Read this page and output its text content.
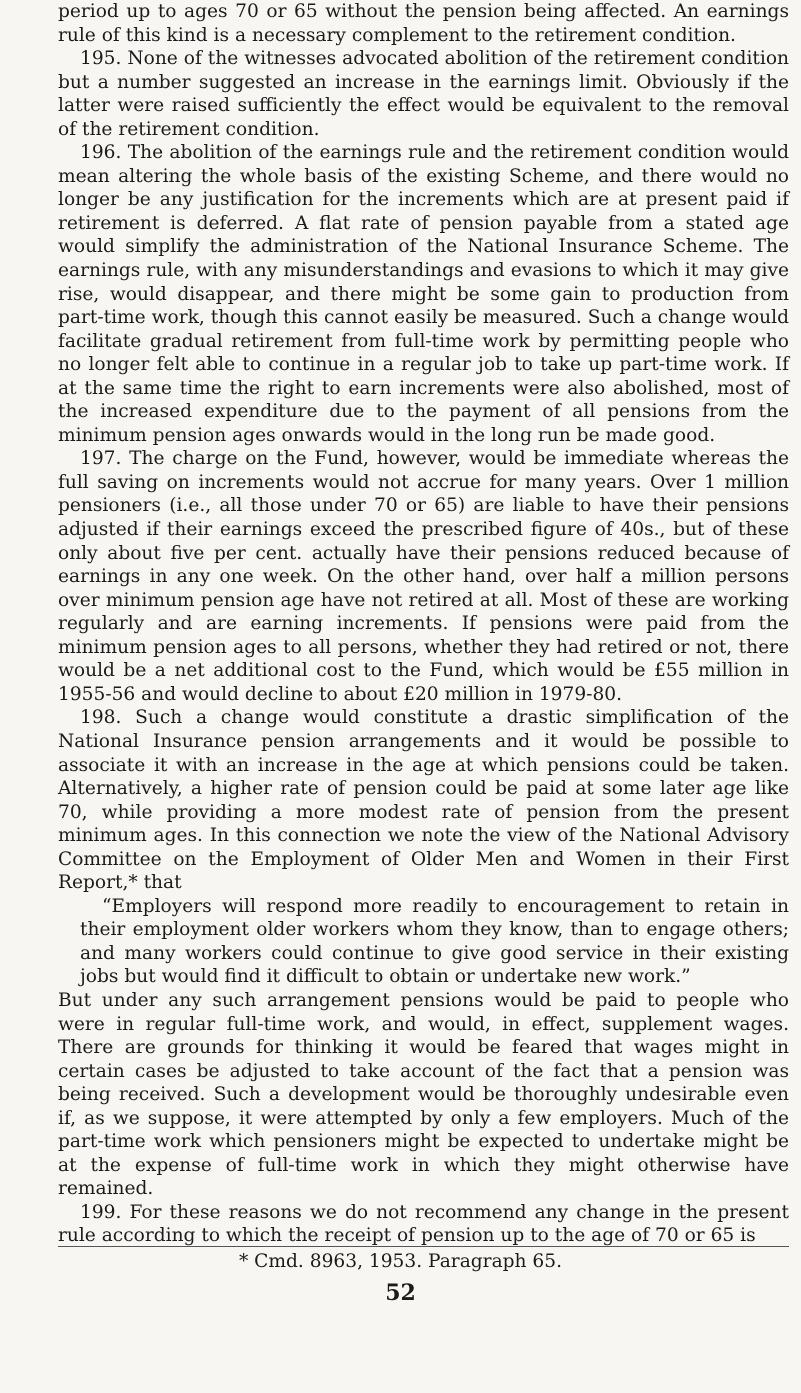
period up to ages 70 or 65 without the pension being affected. An earnings rule of this kind is a necessary complement to the retirement condition.

195. None of the witnesses advocated abolition of the retirement condition but a number suggested an increase in the earnings limit. Obviously if the latter were raised sufficiently the effect would be equivalent to the removal of the retirement condition.

196. The abolition of the earnings rule and the retirement condition would mean altering the whole basis of the existing Scheme, and there would no longer be any justification for the increments which are at present paid if retirement is deferred. A flat rate of pension payable from a stated age would simplify the administration of the National Insurance Scheme. The earnings rule, with any misunderstandings and evasions to which it may give rise, would disappear, and there might be some gain to production from part-time work, though this cannot easily be measured. Such a change would facilitate gradual retirement from full-time work by permitting people who no longer felt able to continue in a regular job to take up part-time work. If at the same time the right to earn increments were also abolished, most of the increased expenditure due to the payment of all pensions from the minimum pension ages onwards would in the long run be made good.

197. The charge on the Fund, however, would be immediate whereas the full saving on increments would not accrue for many years. Over 1 million pensioners (i.e., all those under 70 or 65) are liable to have their pensions adjusted if their earnings exceed the prescribed figure of 40s., but of these only about five per cent. actually have their pensions reduced because of earnings in any one week. On the other hand, over half a million persons over minimum pension age have not retired at all. Most of these are working regularly and are earning increments. If pensions were paid from the minimum pension ages to all persons, whether they had retired or not, there would be a net additional cost to the Fund, which would be £55 million in 1955-56 and would decline to about £20 million in 1979-80.

198. Such a change would constitute a drastic simplification of the National Insurance pension arrangements and it would be possible to associate it with an increase in the age at which pensions could be taken. Alternatively, a higher rate of pension could be paid at some later age like 70, while providing a more modest rate of pension from the present minimum ages. In this connection we note the view of the National Advisory Committee on the Employment of Older Men and Women in their First Report,* that

“Employers will respond more readily to encouragement to retain in their employment older workers whom they know, than to engage others; and many workers could continue to give good service in their existing jobs but would find it difficult to obtain or undertake new work.”

But under any such arrangement pensions would be paid to people who were in regular full-time work, and would, in effect, supplement wages. There are grounds for thinking it would be feared that wages might in certain cases be adjusted to take account of the fact that a pension was being received. Such a development would be thoroughly undesirable even if, as we suppose, it were attempted by only a few employers. Much of the part-time work which pensioners might be expected to undertake might be at the expense of full-time work in which they might otherwise have remained.

199. For these reasons we do not recommend any change in the present rule according to which the receipt of pension up to the age of 70 or 65 is

* Cmd. 8963, 1953. Paragraph 65.
52
